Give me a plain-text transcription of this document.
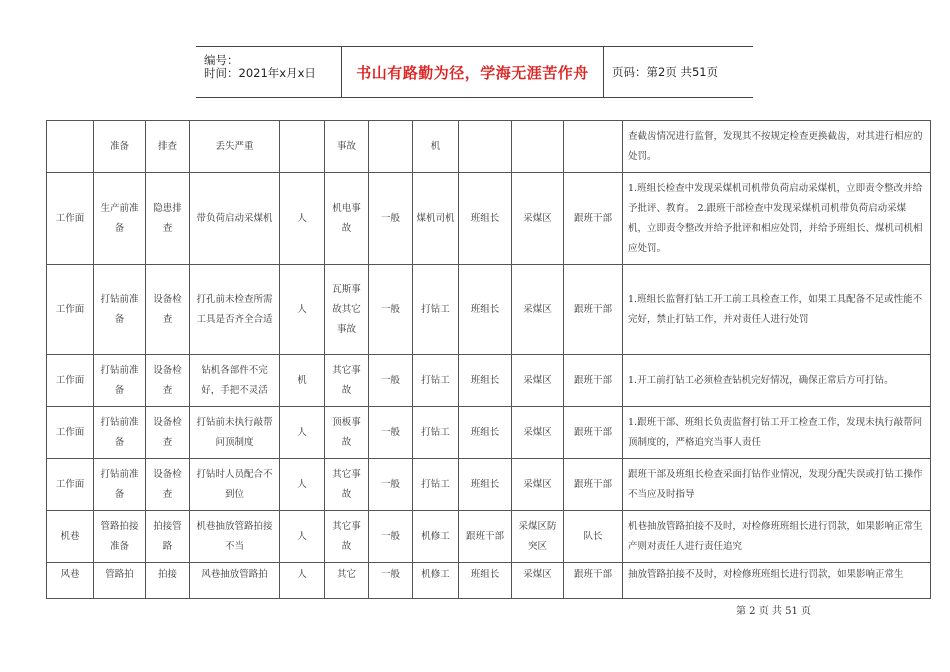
编号：
时间：2021年x月x日	书山有路勤为径，学海无涯苦作舟	页码：第2页 共51页
	准备	排查	丢失严重		事故		机				查截齿情况进行监督，发现其不按规定检查更换截齿，对其进行相应的处罚。
工作面	生产前准备	隐患排查	带负荷启动采煤机	人	机电事故	一般	煤机司机	班组长	采煤区	跟班干部	1.班组长检查中发现采煤机司机带负荷启动采煤机，立即责令整改并给予批评、教育。 2.跟班干部检查中发现采煤机司机带负荷启动采煤机，立即责令整改并给予批评和相应处罚，并给予班组长、煤机司机相应处罚。
工作面	打钻前准备	设备检查	打孔前未检查所需工具是否齐全合适	人	瓦斯事故其它事故	一般	打钻工	班组长	采煤区	跟班干部	1.班组长监督打钻工开工前工具检查工作，如果工具配备不足或性能不完好，禁止打钻工作，并对责任人进行处罚
工作面	打钻前准备	设备检查	钻机各部件不完好，手把不灵活	机	其它事故	一般	打钻工	班组长	采煤区	跟班干部	1.开工前打钻工必须检查钻机完好情况，确保正常后方可打钻。
工作面	打钻前准备	设备检查	打钻前未执行敲帮问顶制度	人	顶板事故	一般	打钻工	班组长	采煤区	跟班干部	1.跟班干部、班组长负责监督打钻工开工检查工作，发现未执行敲帮问顶制度的，严格追究当事人责任
工作面	打钻前准备	设备检查	打钻时人员配合不到位	人	其它事故	一般	打钻工	班组长	采煤区	跟班干部	跟班干部及班组长检查采面打钻作业情况，发现分配失误或打钻工操作不当应及时指导
机巷	管路拍接准备	拍接管路	机巷抽放管路拍接不当	人	其它事故	一般	机修工	跟班干部	采煤区防突区	队长	机巷抽放管路拍接不及时，对检修班班组长进行罚款，如果影响正常生产则对责任人进行责任追究
风巷	管路拍	拍接	风巷抽放管路拍	人	其它	一般	机修工	班组长	采煤区	跟班干部	抽放管路拍接不及时，对检修班班组长进行罚款，如果影响正常生
第 2 页 共 51 页
